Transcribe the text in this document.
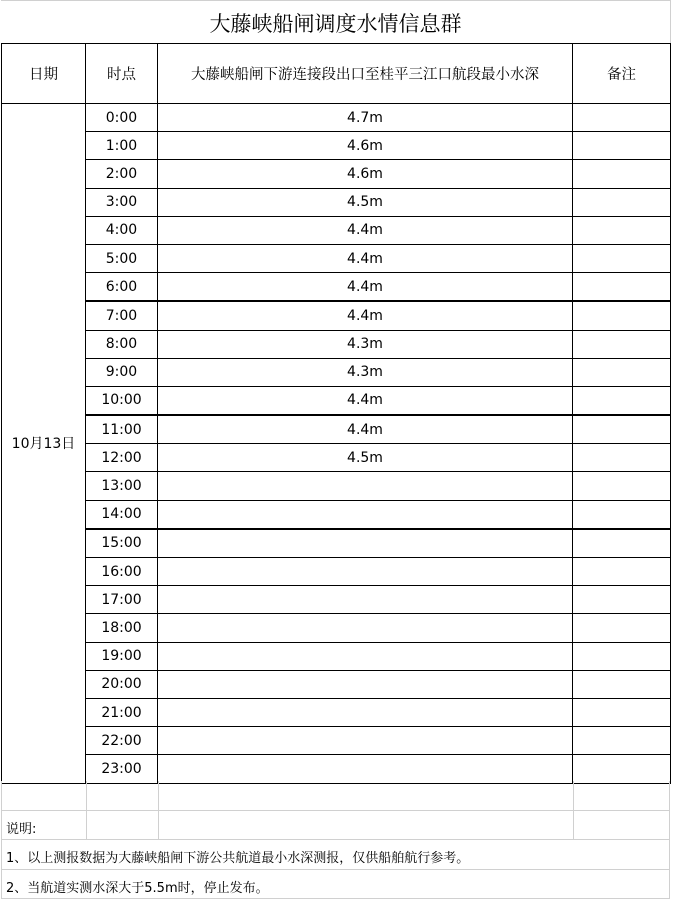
大藤峡船闸调度水情信息群
日期	时点	大藤峡船闸下游连接段出口至桂平三江口航段最小水深	备注
10月13日	0:00	4.7m	
	1:00	4.6m	
	2:00	4.6m	
	3:00	4.5m	
	4:00	4.4m	
	5:00	4.4m	
	6:00	4.4m	
	7:00	4.4m	
	8:00	4.3m	
	9:00	4.3m	
	10:00	4.4m	
	11:00	4.4m	
	12:00	4.5m	
	13:00		
	14:00		
	15:00		
	16:00		
	17:00		
	18:00		
	19:00		
	20:00		
	21:00		
	22:00		
	23:00		
说明:
1、以上测报数据为大藤峡船闸下游公共航道最小水深测报，仅供船舶航行参考。
2、当航道实测水深大于5.5m时，停止发布。
